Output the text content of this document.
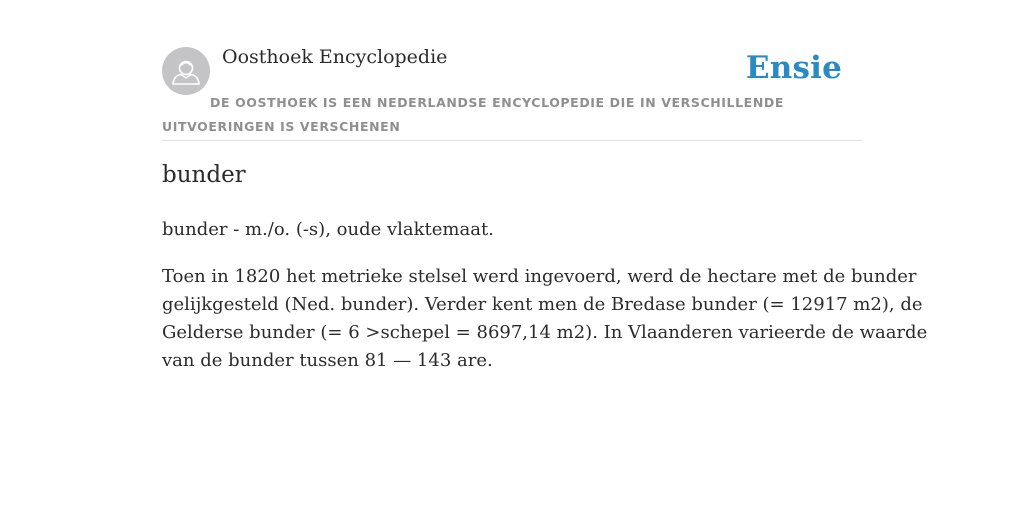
Oosthoek Encyclopedie	Ensie
DE OOSTHOEK IS EEN NEDERLANDSE ENCYCLOPEDIE DIE IN VERSCHILLENDE UITVOERINGEN IS VERSCHENEN
bunder

bunder - m./o. (-s), oude vlaktemaat.

Toen in 1820 het metrieke stelsel werd ingevoerd, werd de hectare met de bunder
gelijkgesteld (Ned. bunder). Verder kent men de Bredase bunder (= 12917 m2), de
Gelderse bunder (= 6 >schepel = 8697,14 m2). In Vlaanderen varieerde de waarde
van de bunder tussen 81 — 143 are.
